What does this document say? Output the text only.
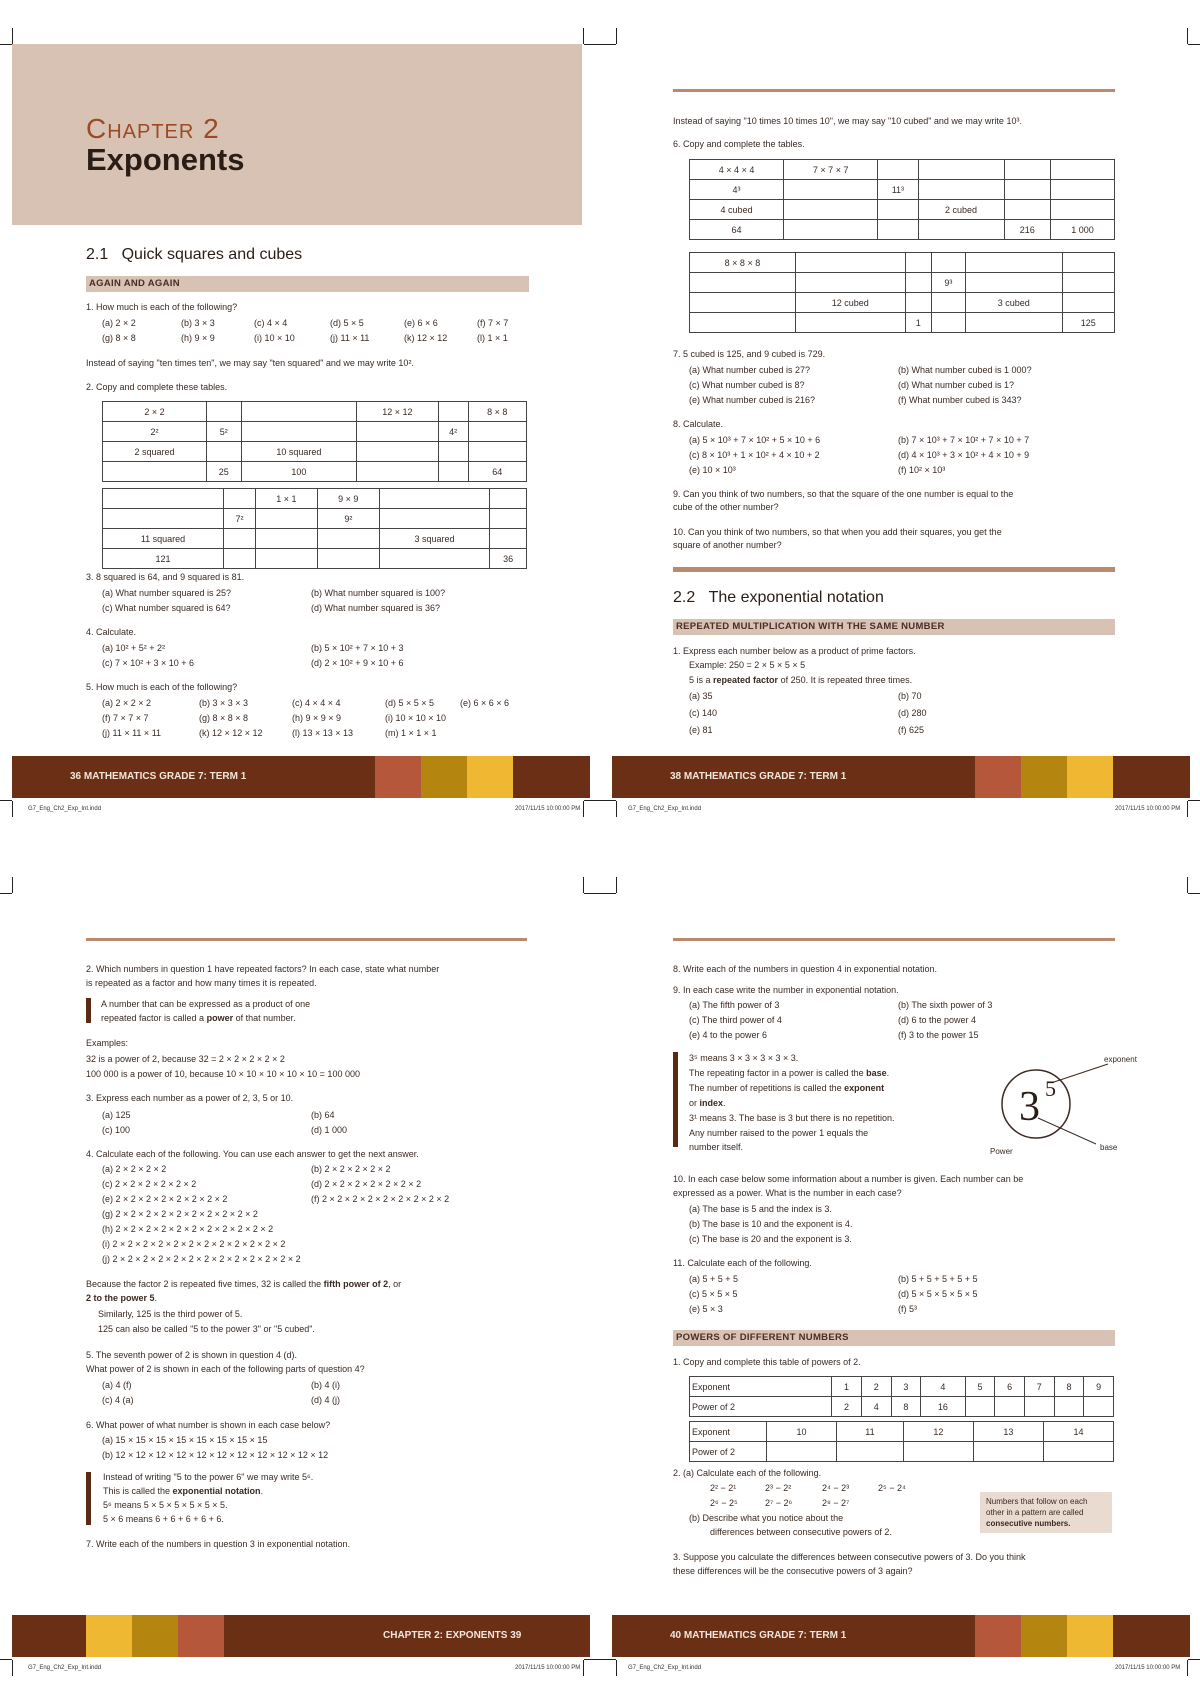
Chapter 2
Exponents
2.1 Quick squares and cubes
AGAIN AND AGAIN
1. How much is each of the following?
(a) 2 × 2	(b) 3 × 3	(c) 4 × 4	(d) 5 × 5	(e) 6 × 6	(f) 7 × 7
(g) 8 × 8	(h) 9 × 9	(i) 10 × 10	(j) 11 × 11	(k) 12 × 12	(l) 1 × 1
Instead of saying "ten times ten", we may say "ten squared" and we may write 10².
2. Copy and complete these tables.
2 × 2			12 × 12		8 × 8
2²	5²			4²	
2 squared		10 squared			
	25	100			64
		1 × 1	9 × 9		
	7²		9²		
11 squared				3 squared	
121					36
3. 8 squared is 64, and 9 squared is 81.
(a) What number squared is 25?	(b) What number squared is 100?
(c) What number squared is 64?	(d) What number squared is 36?
4. Calculate.
(a) 10² + 5² + 2²	(b) 5 × 10² + 7 × 10 + 3
(c) 7 × 10² + 3 × 10 + 6	(d) 2 × 10² + 9 × 10 + 6
5. How much is each of the following?
(a) 2 × 2 × 2	(b) 3 × 3 × 3	(c) 4 × 4 × 4	(d) 5 × 5 × 5	(e) 6 × 6 × 6
(f) 7 × 7 × 7	(g) 8 × 8 × 8	(h) 9 × 9 × 9	(i) 10 × 10 × 10
(j) 11 × 11 × 11	(k) 12 × 12 × 12	(l) 13 × 13 × 13	(m) 1 × 1 × 1
36 MATHEMATICS GRADE 7: TERM 1
G7_Eng_Ch2_Exp_Int.indd	2017/11/15 10:00:00 PM
Instead of saying "10 times 10 times 10", we may say "10 cubed" and we may write 10³.
6. Copy and complete the tables.
4 × 4 × 4	7 × 7 × 7				
4³		11³			
4 cubed			2 cubed		
64				216	1 000
8 × 8 × 8					
			9³		
	12 cubed			3 cubed	
		1			125
7. 5 cubed is 125, and 9 cubed is 729.
(a) What number cubed is 27?	(b) What number cubed is 1 000?
(c) What number cubed is 8?	(d) What number cubed is 1?
(e) What number cubed is 216?	(f) What number cubed is 343?
8. Calculate.
(a) 5 × 10³ + 7 × 10² + 5 × 10 + 6	(b) 7 × 10³ + 7 × 10² + 7 × 10 + 7
(c) 8 × 10³ + 1 × 10² + 4 × 10 + 2	(d) 4 × 10³ + 3 × 10² + 4 × 10 + 9
(e) 10 × 10³	(f) 10² × 10³
9. Can you think of two numbers, so that the square of the one number is equal to the
cube of the other number?
10. Can you think of two numbers, so that when you add their squares, you get the
square of another number?
2.2 The exponential notation
REPEATED MULTIPLICATION WITH THE SAME NUMBER
1. Express each number below as a product of prime factors.
Example: 250 = 2 × 5 × 5 × 5
5 is a repeated factor of 250. It is repeated three times.
(a) 35	(b) 70
(c) 140	(d) 280
(e) 81	(f) 625
38 MATHEMATICS GRADE 7: TERM 1
G7_Eng_Ch2_Exp_Int.indd	2017/11/15 10:00:00 PM
2. Which numbers in question 1 have repeated factors? In each case, state what number
is repeated as a factor and how many times it is repeated.
A number that can be expressed as a product of one
repeated factor is called a power of that number.
Examples:
32 is a power of 2, because 32 = 2 × 2 × 2 × 2 × 2
100 000 is a power of 10, because 10 × 10 × 10 × 10 × 10 = 100 000
3. Express each number as a power of 2, 3, 5 or 10.
(a) 125	(b) 64
(c) 100	(d) 1 000
4. Calculate each of the following. You can use each answer to get the next answer.
(a) 2 × 2 × 2 × 2	(b) 2 × 2 × 2 × 2 × 2
(c) 2 × 2 × 2 × 2 × 2 × 2	(d) 2 × 2 × 2 × 2 × 2 × 2 × 2
(e) 2 × 2 × 2 × 2 × 2 × 2 × 2 × 2	(f) 2 × 2 × 2 × 2 × 2 × 2 × 2 × 2 × 2
(g) 2 × 2 × 2 × 2 × 2 × 2 × 2 × 2 × 2 × 2
(h) 2 × 2 × 2 × 2 × 2 × 2 × 2 × 2 × 2 × 2 × 2
(i) 2 × 2 × 2 × 2 × 2 × 2 × 2 × 2 × 2 × 2 × 2 × 2
(j) 2 × 2 × 2 × 2 × 2 × 2 × 2 × 2 × 2 × 2 × 2 × 2 × 2
Because the factor 2 is repeated five times, 32 is called the fifth power of 2, or
2 to the power 5.
Similarly, 125 is the third power of 5.
125 can also be called "5 to the power 3" or "5 cubed".
5. The seventh power of 2 is shown in question 4 (d).
What power of 2 is shown in each of the following parts of question 4?
(a) 4 (f)	(b) 4 (i)
(c) 4 (a)	(d) 4 (j)
6. What power of what number is shown in each case below?
(a) 15 × 15 × 15 × 15 × 15 × 15 × 15 × 15
(b) 12 × 12 × 12 × 12 × 12 × 12 × 12 × 12 × 12 × 12 × 12
Instead of writing "5 to the power 6" we may write 5⁶.
This is called the exponential notation.
5⁶ means 5 × 5 × 5 × 5 × 5 × 5.
5 × 6 means 6 + 6 + 6 + 6 + 6.
7. Write each of the numbers in question 3 in exponential notation.
CHAPTER 2: EXPONENTS 39
G7_Eng_Ch2_Exp_Int.indd	2017/11/15 10:00:00 PM
8. Write each of the numbers in question 4 in exponential notation.
9. In each case write the number in exponential notation.
(a) The fifth power of 3	(b) The sixth power of 3
(c) The third power of 4	(d) 6 to the power 4
(e) 4 to the power 6	(f) 3 to the power 15
3⁵ means 3 × 3 × 3 × 3 × 3.
The repeating factor in a power is called the base.
The number of repetitions is called the exponent
or index.
3¹ means 3. The base is 3 but there is no repetition.
Any number raised to the power 1 equals the
number itself.
3 5
exponent
Power	base
10. In each case below some information about a number is given. Each number can be
expressed as a power. What is the number in each case?
(a) The base is 5 and the index is 3.
(b) The base is 10 and the exponent is 4.
(c) The base is 20 and the exponent is 3.
11. Calculate each of the following.
(a) 5 + 5 + 5	(b) 5 + 5 + 5 + 5 + 5
(c) 5 × 5 × 5	(d) 5 × 5 × 5 × 5 × 5
(e) 5 × 3	(f) 5³
POWERS OF DIFFERENT NUMBERS
1. Copy and complete this table of powers of 2.
Exponent	1	2	3	4	5	6	7	8	9
Power of 2	2	4	8	16					
Exponent	10	11	12	13	14
Power of 2					
2. (a) Calculate each of the following.
2² − 2¹	2³ − 2²	2⁴ − 2³	2⁵ − 2⁴
2⁶ − 2⁵	2⁷ − 2⁶	2⁸ − 2⁷
(b) Describe what you notice about the
differences between consecutive powers of 2.
Numbers that follow on each
other in a pattern are called
consecutive numbers.
3. Suppose you calculate the differences between consecutive powers of 3. Do you think
these differences will be the consecutive powers of 3 again?
40 MATHEMATICS GRADE 7: TERM 1
G7_Eng_Ch2_Exp_Int.indd	2017/11/15 10:00:00 PM
